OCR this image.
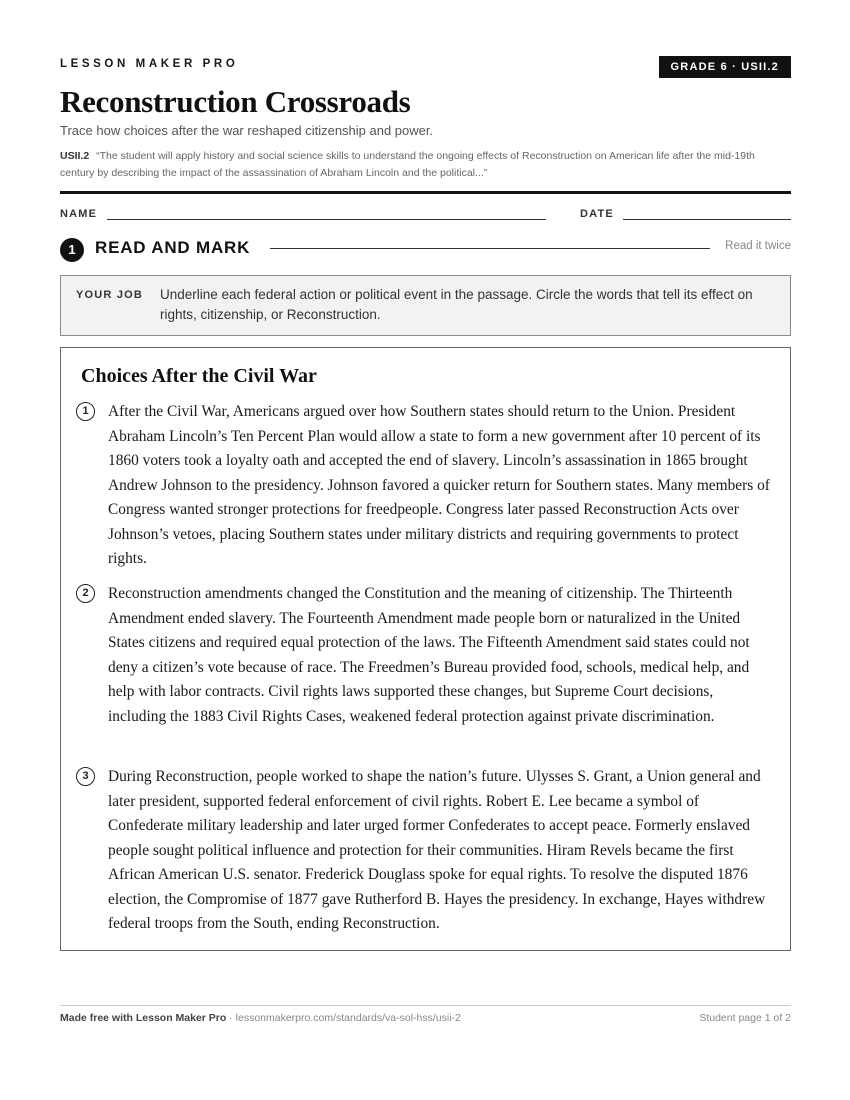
LESSON MAKER PRO	GRADE 6 · USII.2
Reconstruction Crossroads
Trace how choices after the war reshaped citizenship and power.
USII.2 “The student will apply history and social science skills to understand the ongoing effects of Reconstruction on American life after the mid-19th century by describing the impact of the assassination of Abraham Lincoln and the political...”
NAME	DATE
1	READ AND MARK	Read it twice
YOUR JOB Underline each federal action or political event in the passage. Circle the words that tell its effect on rights, citizenship, or Reconstruction.
Choices After the Civil War
1	After the Civil War, Americans argued over how Southern states should return to the Union. President Abraham Lincoln’s Ten Percent Plan would allow a state to form a new government after 10 percent of its 1860 voters took a loyalty oath and accepted the end of slavery. Lincoln’s assassination in 1865 brought Andrew Johnson to the presidency. Johnson favored a quicker return for Southern states. Many members of Congress wanted stronger protections for freedpeople. Congress later passed Reconstruction Acts over Johnson’s vetoes, placing Southern states under military districts and requiring governments to protect rights.
2	Reconstruction amendments changed the Constitution and the meaning of citizenship. The Thirteenth Amendment ended slavery. The Fourteenth Amendment made people born or naturalized in the United States citizens and required equal protection of the laws. The Fifteenth Amendment said states could not deny a citizen’s vote because of race. The Freedmen’s Bureau provided food, schools, medical help, and help with labor contracts. Civil rights laws supported these changes, but Supreme Court decisions, including the 1883 Civil Rights Cases, weakened federal protection against private discrimination.
3	During Reconstruction, people worked to shape the nation’s future. Ulysses S. Grant, a Union general and later president, supported federal enforcement of civil rights. Robert E. Lee became a symbol of Confederate military leadership and later urged former Confederates to accept peace. Formerly enslaved people sought political influence and protection for their communities. Hiram Revels became the first African American U.S. senator. Frederick Douglass spoke for equal rights. To resolve the disputed 1876 election, the Compromise of 1877 gave Rutherford B. Hayes the presidency. In exchange, Hayes withdrew federal troops from the South, ending Reconstruction.
Made free with Lesson Maker Pro · lessonmakerpro.com/standards/va-sol-hss/usii-2	Student page 1 of 2
